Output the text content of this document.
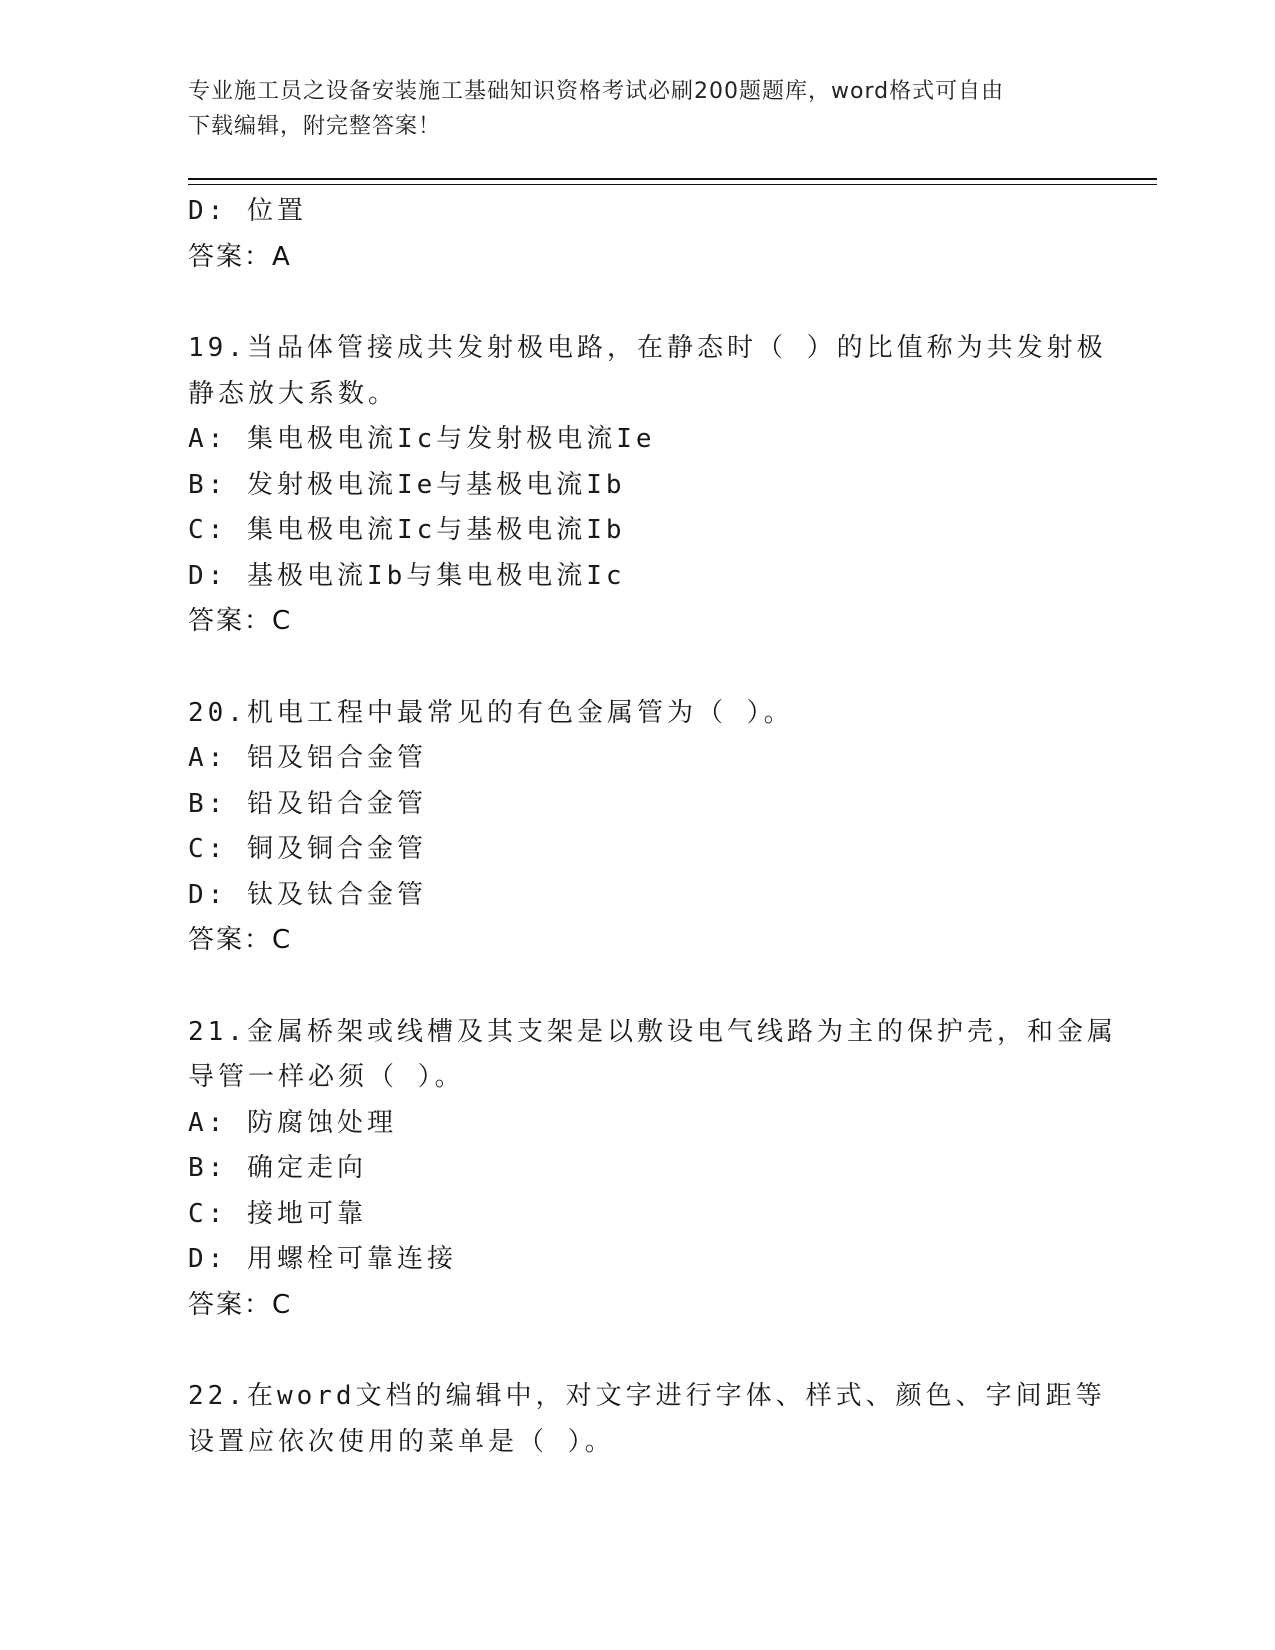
专业施工员之设备安装施工基础知识资格考试必刷200题题库，word格式可自由
下载编辑，附完整答案！
D: 位置
答案：A
19.当品体管接成共发射极电路，在静态时（ ）的比值称为共发射极
静态放大系数。
A: 集电极电流Ic与发射极电流Ie
B: 发射极电流Ie与基极电流Ib
C: 集电极电流Ic与基极电流Ib
D: 基极电流Ib与集电极电流Ic
答案：C
20.机电工程中最常见的有色金属管为（ ）。
A: 铝及铝合金管
B: 铅及铅合金管
C: 铜及铜合金管
D: 钛及钛合金管
答案：C
21.金属桥架或线槽及其支架是以敷设电气线路为主的保护壳，和金属
导管一样必须（ ）。
A: 防腐蚀处理
B: 确定走向
C: 接地可靠
D: 用螺栓可靠连接
答案：C
22.在word文档的编辑中，对文字进行字体、样式、颜色、字间距等
设置应依次使用的菜单是（ ）。
